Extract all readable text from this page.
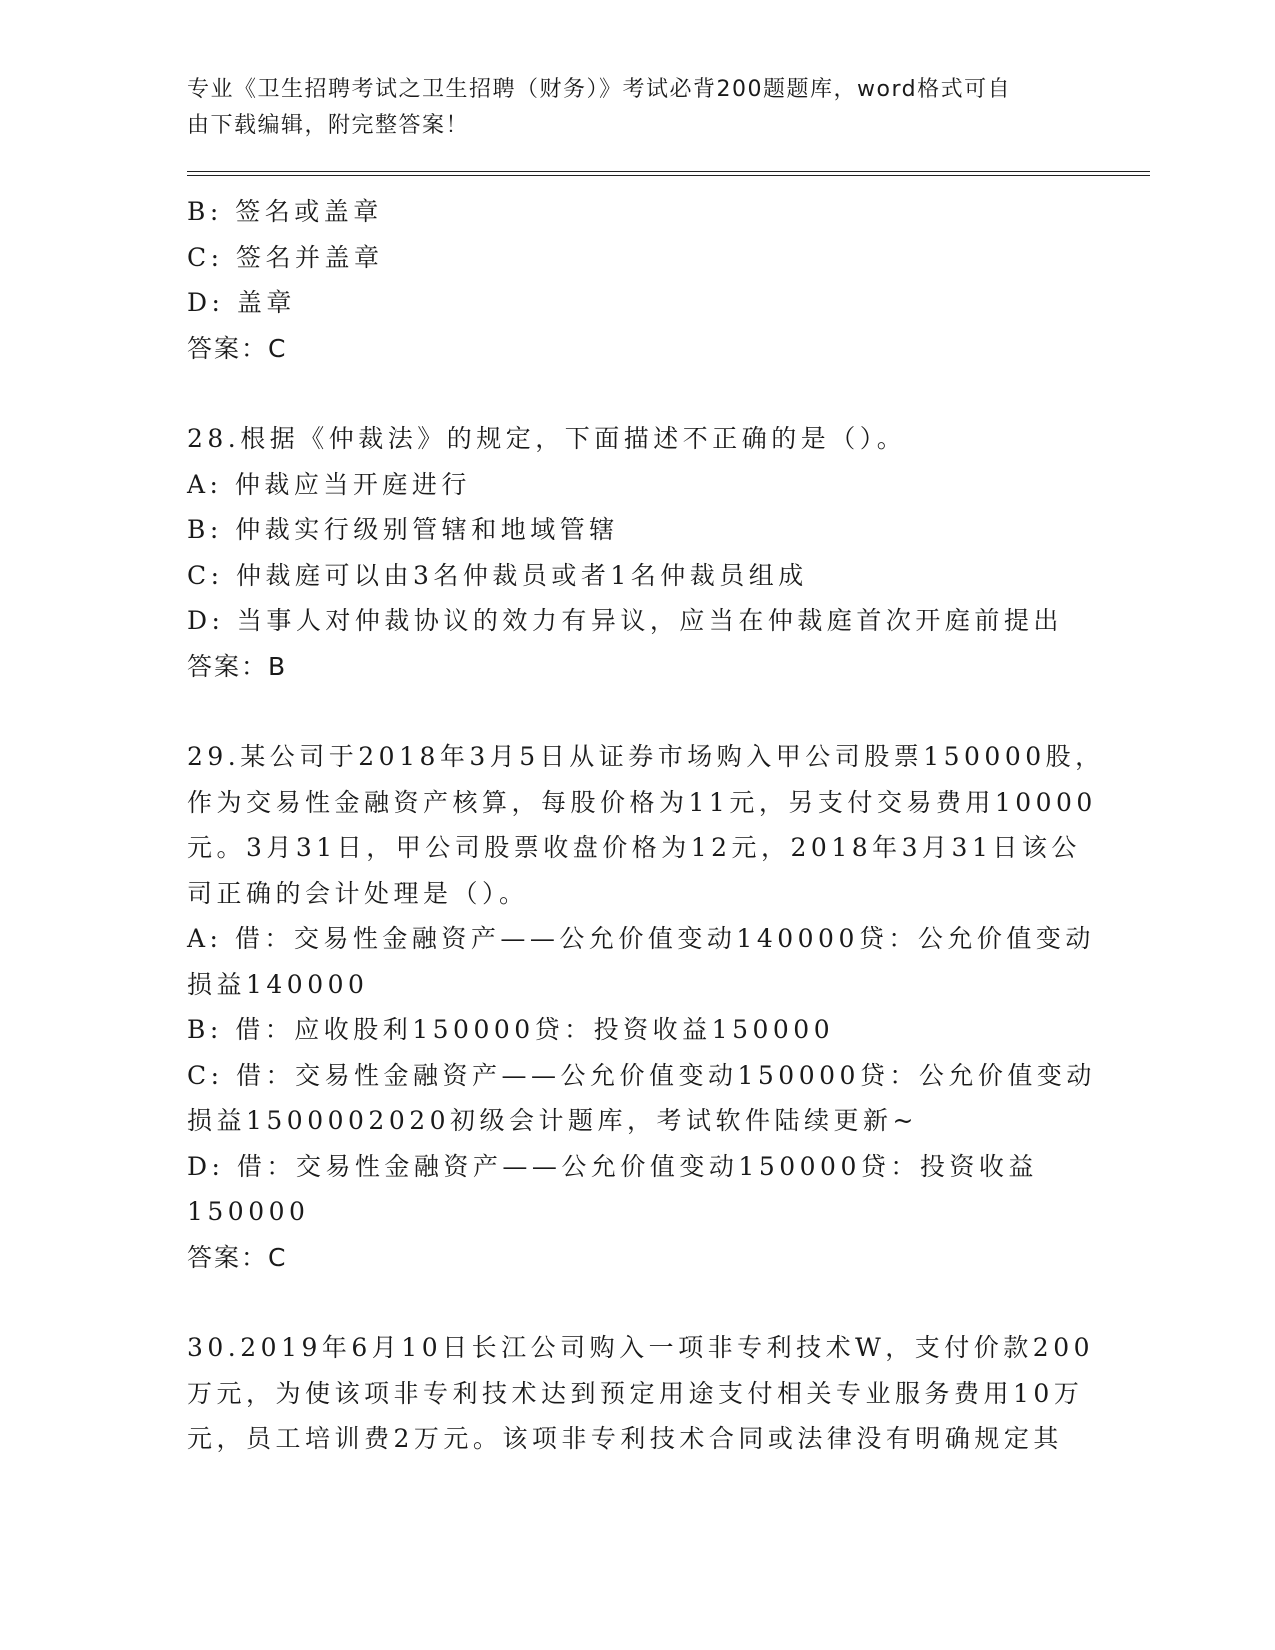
专业《卫生招聘考试之卫生招聘（财务）》考试必背200题题库，word格式可自
由下载编辑，附完整答案！
B: 签名或盖章
C: 签名并盖章
D: 盖章
答案：C
28.根据《仲裁法》的规定，下面描述不正确的是（）。
A: 仲裁应当开庭进行
B: 仲裁实行级别管辖和地域管辖
C: 仲裁庭可以由3名仲裁员或者1名仲裁员组成
D: 当事人对仲裁协议的效力有异议，应当在仲裁庭首次开庭前提出
答案：B
29.某公司于2018年3月5日从证券市场购入甲公司股票150000股，
作为交易性金融资产核算，每股价格为11元，另支付交易费用10000
元。3月31日，甲公司股票收盘价格为12元，2018年3月31日该公
司正确的会计处理是（）。
A: 借：交易性金融资产——公允价值变动140000贷：公允价值变动
损益140000
B: 借：应收股利150000贷：投资收益150000
C: 借：交易性金融资产——公允价值变动150000贷：公允价值变动
损益1500002020初级会计题库，考试软件陆续更新~
D: 借：交易性金融资产——公允价值变动150000贷：投资收益
150000
答案：C
30.2019年6月10日长江公司购入一项非专利技术W，支付价款200
万元，为使该项非专利技术达到预定用途支付相关专业服务费用10万
元，员工培训费2万元。该项非专利技术合同或法律没有明确规定其
